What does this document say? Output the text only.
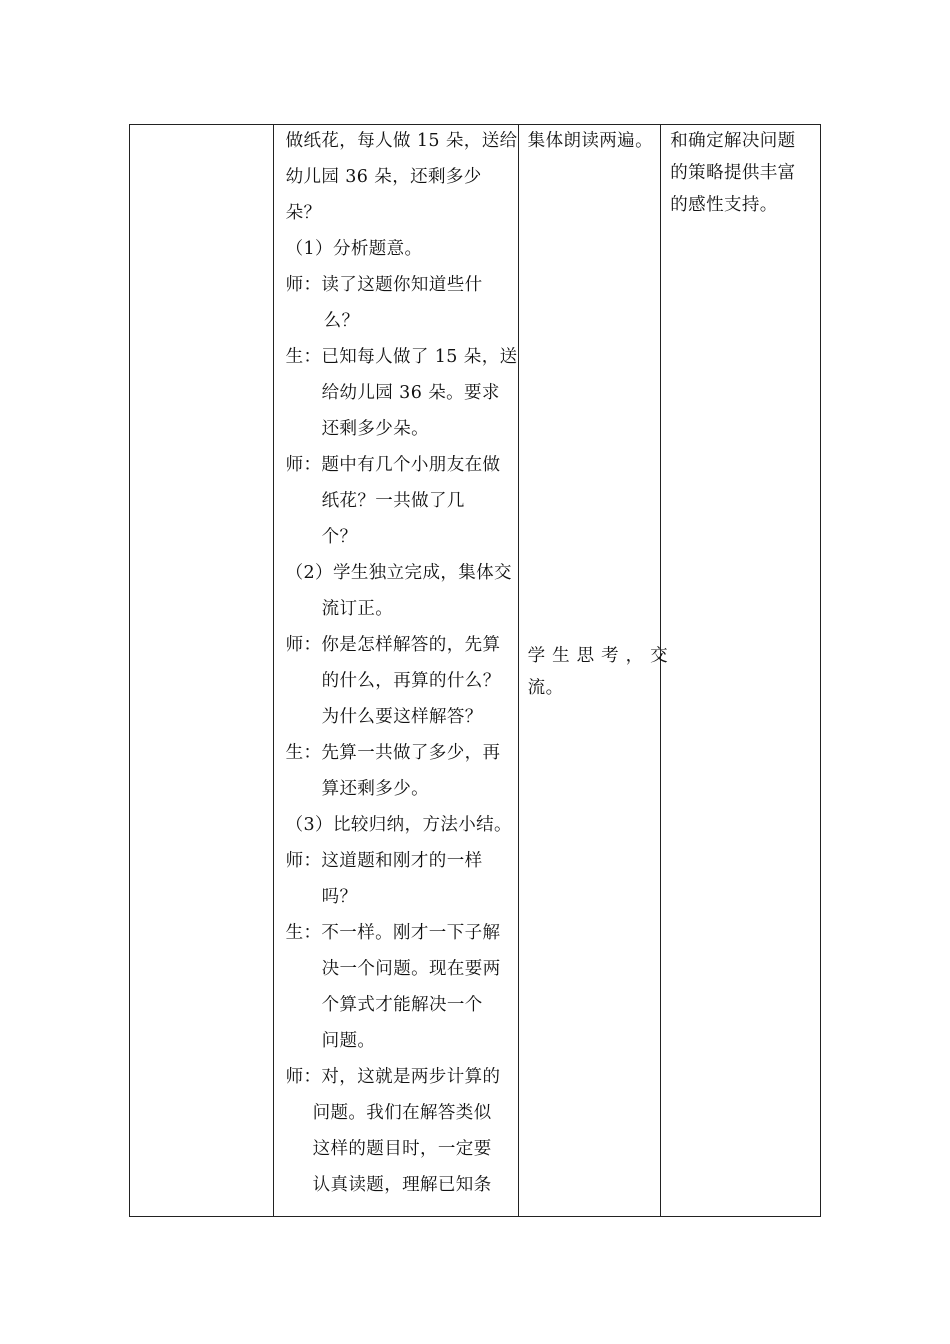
做纸花，每人做 15 朵，送给
幼儿园 36 朵，还剩多少
朵？
（1）分析题意。
师：读了这题你知道些什
么？
生：已知每人做了 15 朵，送
给幼儿园 36 朵。要求
还剩多少朵。
师：题中有几个小朋友在做
纸花？一共做了几
个？
（2）学生独立完成，集体交
流订正。
师：你是怎样解答的，先算
的什么，再算的什么？
为什么要这样解答？
生：先算一共做了多少，再
算还剩多少。
（3）比较归纳，方法小结。
师：这道题和刚才的一样
吗？
生：不一样。刚才一下子解
决一个问题。现在要两
个算式才能解决一个
问题。
师：对，这就是两步计算的
问题。我们在解答类似
这样的题目时，一定要
认真读题，理解已知条

集体朗读两遍。
学生思考，交
流。

和确定解决问题
的策略提供丰富
的感性支持。
